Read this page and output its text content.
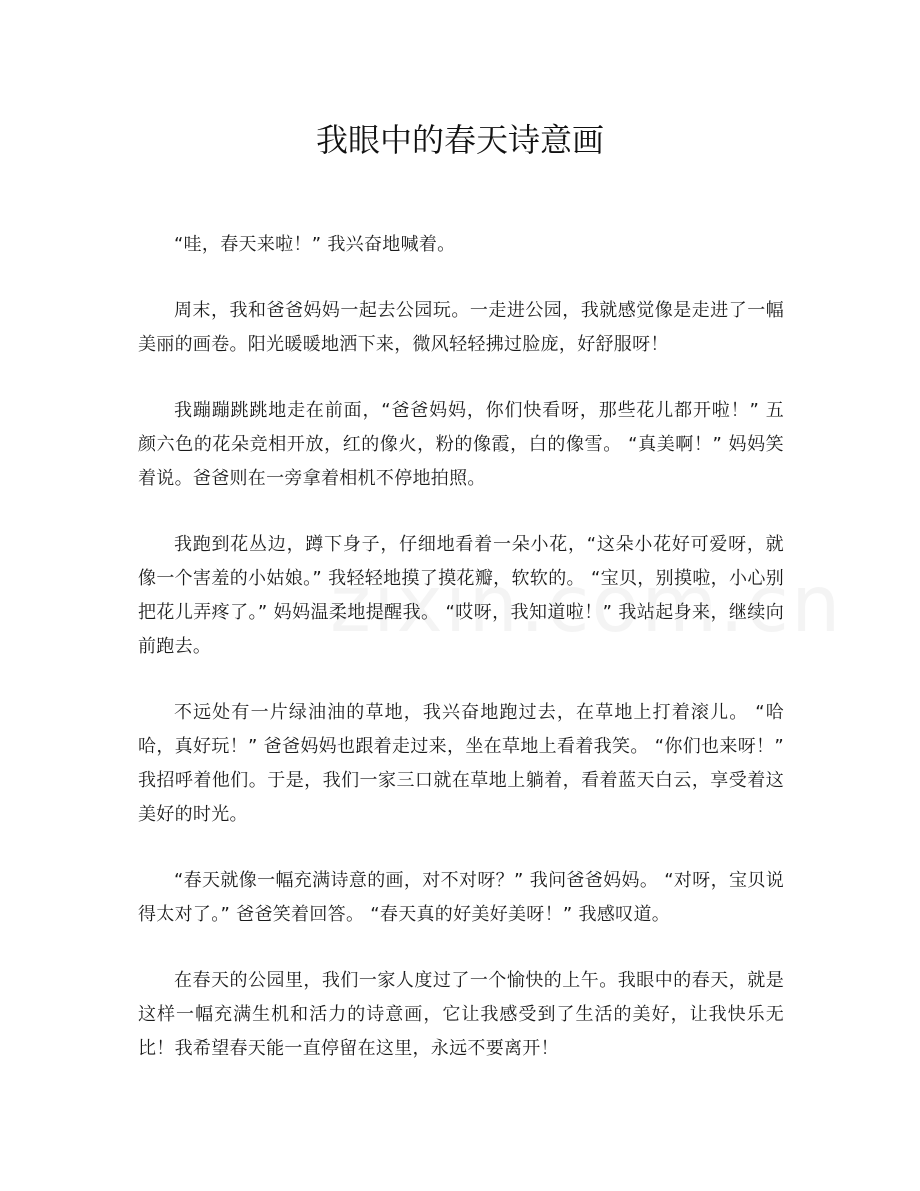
我眼中的春天诗意画

“哇，春天来啦！” 我兴奋地喊着。

周末，我和爸爸妈妈一起去公园玩。一走进公园，我就感觉像是走进了一幅美丽的画卷。阳光暖暖地洒下来，微风轻轻拂过脸庞，好舒服呀！

我蹦蹦跳跳地走在前面，“爸爸妈妈，你们快看呀，那些花儿都开啦！” 五颜六色的花朵竞相开放，红的像火，粉的像霞，白的像雪。 “真美啊！” 妈妈笑着说。爸爸则在一旁拿着相机不停地拍照。

我跑到花丛边，蹲下身子，仔细地看着一朵小花，“这朵小花好可爱呀，就像一个害羞的小姑娘。” 我轻轻地摸了摸花瓣，软软的。 “宝贝，别摸啦，小心别把花儿弄疼了。” 妈妈温柔地提醒我。 “哎呀，我知道啦！” 我站起身来，继续向前跑去。

不远处有一片绿油油的草地，我兴奋地跑过去，在草地上打着滚儿。 “哈哈，真好玩！” 爸爸妈妈也跟着走过来，坐在草地上看着我笑。 “你们也来呀！” 我招呼着他们。于是，我们一家三口就在草地上躺着，看着蓝天白云，享受着这美好的时光。

“春天就像一幅充满诗意的画，对不对呀？” 我问爸爸妈妈。 “对呀，宝贝说得太对了。” 爸爸笑着回答。 “春天真的好美好美呀！” 我感叹道。

在春天的公园里，我们一家人度过了一个愉快的上午。我眼中的春天，就是这样一幅充满生机和活力的诗意画，它让我感受到了生活的美好，让我快乐无比！我希望春天能一直停留在这里，永远不要离开！
